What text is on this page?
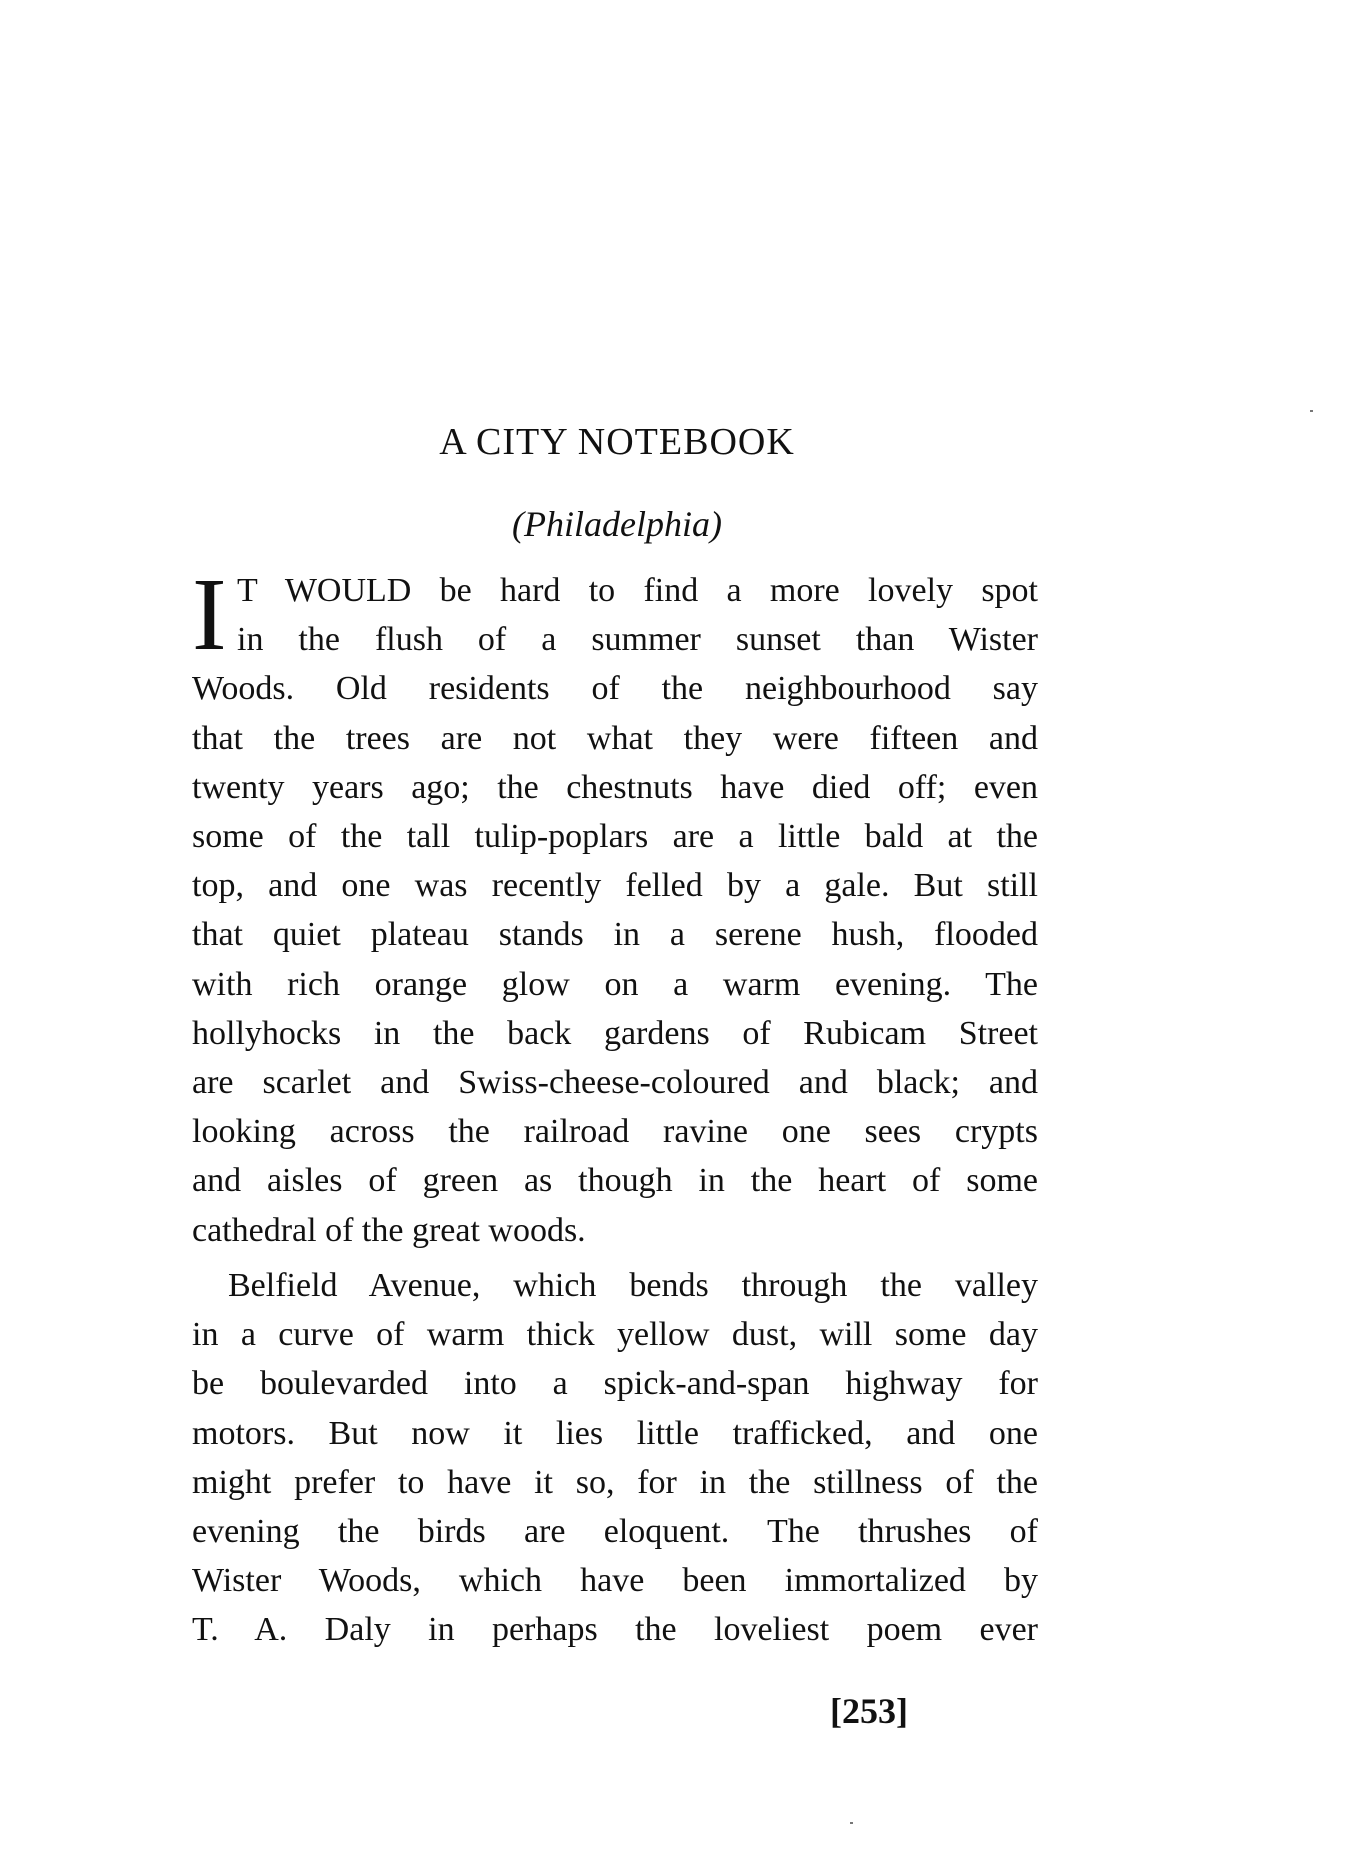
A CITY NOTEBOOK
(Philadelphia)
I T WOULD be hard to find a more lovely spot
in the flush of a summer sunset than Wister
Woods. Old residents of the neighbourhood say
that the trees are not what they were fifteen and
twenty years ago; the chestnuts have died off; even
some of the tall tulip-poplars are a little bald at the
top, and one was recently felled by a gale. But still
that quiet plateau stands in a serene hush, flooded
with rich orange glow on a warm evening. The
hollyhocks in the back gardens of Rubicam Street
are scarlet and Swiss-cheese-coloured and black; and
looking across the railroad ravine one sees crypts
and aisles of green as though in the heart of some
cathedral of the great woods.
Belfield Avenue, which bends through the valley
in a curve of warm thick yellow dust, will some day
be boulevarded into a spick-and-span highway for
motors. But now it lies little trafficked, and one
might prefer to have it so, for in the stillness of the
evening the birds are eloquent. The thrushes of
Wister Woods, which have been immortalized by
T. A. Daly in perhaps the loveliest poem ever
[253]
